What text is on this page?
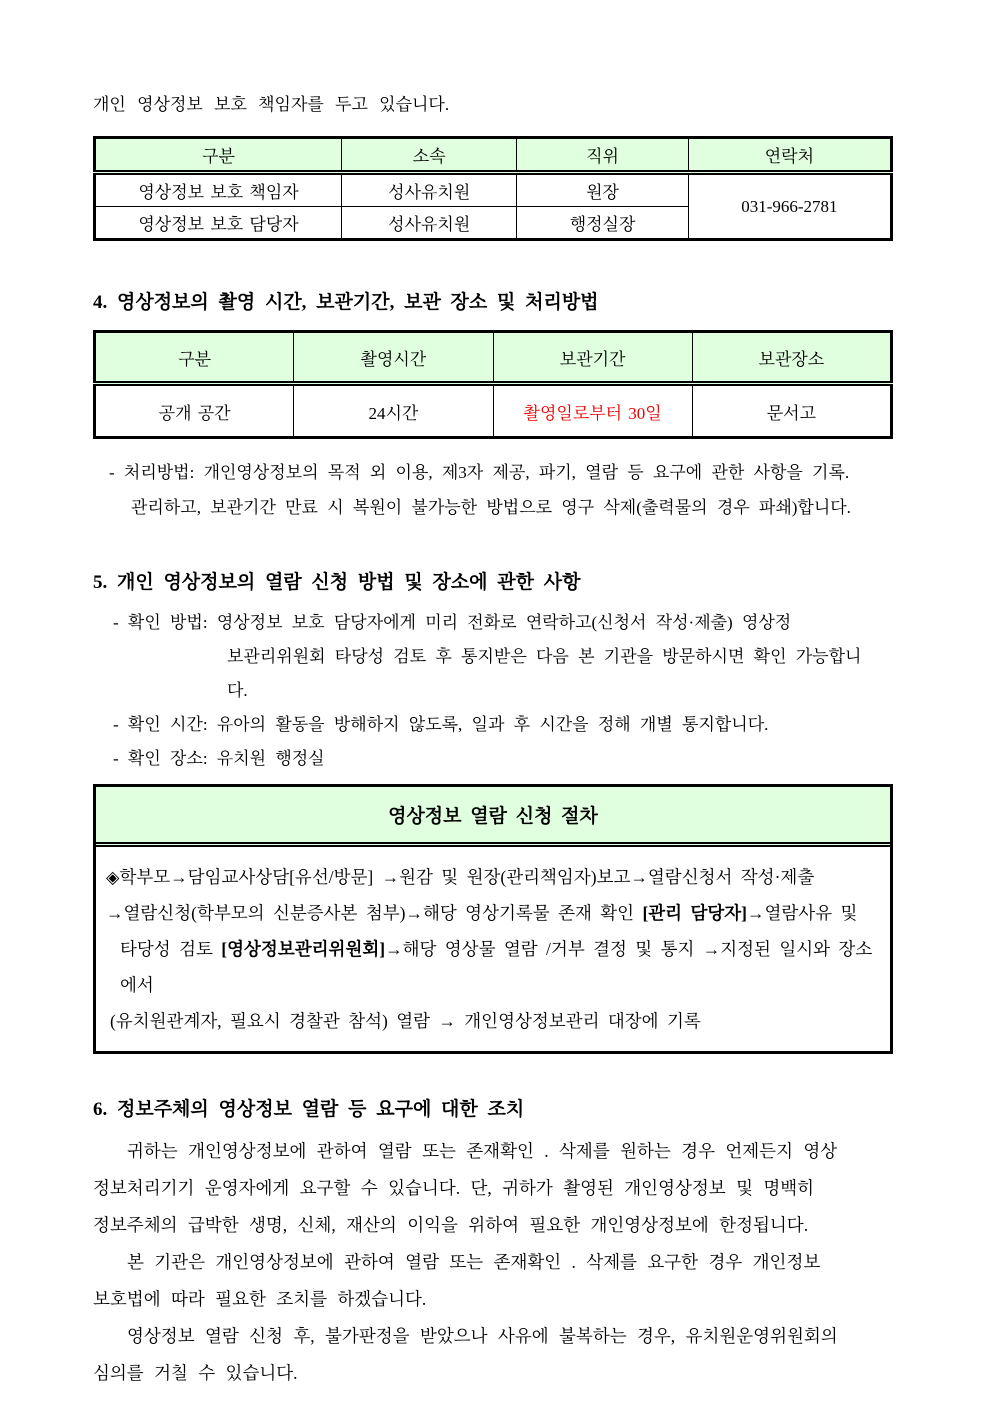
개인 영상정보 보호 책임자를 두고 있습니다.

구분	소속	직위	연락처
영상정보 보호 책임자	성사유치원	원장	031-966-2781
영상정보 보호 담당자	성사유치원	행정실장	
4. 영상정보의 촬영 시간, 보관기간, 보관 장소 및 처리방법
구분	촬영시간	보관기간	보관장소
공개 공간	24시간	촬영일로부터 30일	문서고
- 처리방법: 개인영상정보의 목적 외 이용, 제3자 제공, 파기, 열람 등 요구에 관한 사항을 기록.
관리하고, 보관기간 만료 시 복원이 불가능한 방법으로 영구 삭제(출력물의 경우 파쇄)합니다.
5. 개인 영상정보의 열람 신청 방법 및 장소에 관한 사항
- 확인 방법: 영상정보 보호 담당자에게 미리 전화로 연락하고(신청서 작성·제출) 영상정
보관리위원회 타당성 검토 후 통지받은 다음 본 기관을 방문하시면 확인 가능합니
다.
- 확인 시간: 유아의 활동을 방해하지 않도록, 일과 후 시간을 정해 개별 통지합니다.
- 확인 장소: 유치원 행정실
영상정보 열람 신청 절차
◈학부모→담임교사상담[유선/방문] →원감 및 원장(관리책임자)보고→열람신청서 작성·제출
→열람신청(학부모의 신분증사본 첨부)→해당 영상기록물 존재 확인 [관리 담당자]→열람사유 및
타당성 검토 [영상정보관리위원회]→해당 영상물 열람 /거부 결정 및 통지 →지정된 일시와 장소에서
(유치원관계자, 필요시 경찰관 참석) 열람 → 개인영상정보관리 대장에 기록
6. 정보주체의 영상정보 열람 등 요구에 대한 조치
귀하는 개인영상정보에 관하여 열람 또는 존재확인 . 삭제를 원하는 경우 언제든지 영상
정보처리기기 운영자에게 요구할 수 있습니다. 단, 귀하가 촬영된 개인영상정보 및 명백히
정보주체의 급박한 생명, 신체, 재산의 이익을 위하여 필요한 개인영상정보에 한정됩니다.
본 기관은 개인영상정보에 관하여 열람 또는 존재확인 . 삭제를 요구한 경우 개인정보
보호법에 따라 필요한 조치를 하겠습니다.
영상정보 열람 신청 후, 불가판정을 받았으나 사유에 불복하는 경우, 유치원운영위원회의
심의를 거칠 수 있습니다.
